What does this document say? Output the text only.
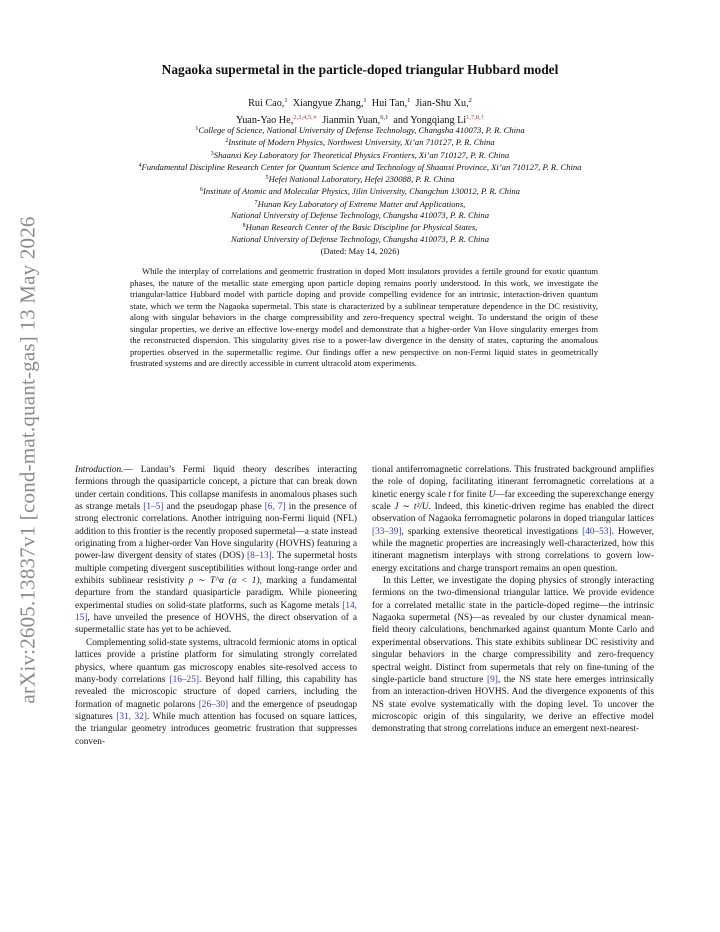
arXiv:2605.13837v1 [cond-mat.quant-gas] 13 May 2026
Nagaoka supermetal in the particle-doped triangular Hubbard model
Rui Cao,$^1$ Xiangyue Zhang,$^1$ Hui Tan,$^1$ Jian-Shu Xu,$^2$
Yuan-Yao He,$^{2,3,4,5,∗}$ Jianmin Yuan,$^{6,1}$ and Yongqiang $Li^{1,7,8,\dagger}$
$^1$College of Science, National University of Defense Technology, Changsha 410073, P. R. China
$^2$Institute of Modern Physics, Northwest University, Xi’an 710127, P. R. China
$^3$Shaanxi Key Laboratory for Theoretical Physics Frontiers, Xi’an 710127, P. R. China
$^4$Fundamental Discipline Research Center for Quantum Science and Technology of Shaanxi Province, Xi’an 710127, P. R. China
$^5$Hefei National Laboratory, Hefei 230088, P. R. China
$^6$Institute of Atomic and Molecular Physics, Jilin University, Changchun 130012, P. R. China
$^7$Hunan Key Laboratory of Extreme Matter and Applications,
National University of Defense Technology, Changsha 410073, P. R. China
$^8$Hunan Research Center of the Basic Discipline for Physical States,
National University of Defense Technology, Changsha 410073, P. R. China
(Dated: May 14, 2026)
While the interplay of correlations and geometric frustration in doped Mott insulators provides a fertile ground for exotic quantum phases, the nature of the metallic state emerging upon particle doping remains poorly understood. In this work, we investigate the triangular-lattice Hubbard model with particle doping and provide compelling evidence for an intrinsic, interaction-driven quantum state, which we term the Nagaoka supermetal. This state is characterized by a sublinear temperature dependence in the DC resistivity, along with singular behaviors in the charge compressibility and zero-frequency spectral weight. To understand the origin of these singular properties, we derive an effective low-energy model and demonstrate that a higher-order Van Hove singularity emerges from the reconstructed dispersion. This singularity gives rise to a power-law divergence in the density of states, capturing the anomalous properties observed in the supermetallic regime. Our findings offer a new perspective on non-Fermi liquid states in geometrically frustrated systems and are directly accessible in current ultracold atom experiments.

Introduction.— Landau’s Fermi liquid theory describes interacting fermions through the quasiparticle concept, a picture that can break down under certain conditions. This collapse manifests in anomalous phases such as strange metals [1–5] and the pseudogap phase [6, 7] in the presence of strong electronic correlations. Another intriguing non-Fermi liquid (NFL) addition to this frontier is the recently proposed supermetal—a state instead originating from a higher-order Van Hove singularity (HOVHS) featuring a power-law divergent density of states (DOS) [8–13]. The supermetal hosts multiple competing divergent susceptibilities without long-range order and exhibits sublinear resistivity ρ ∼ T^α (α < 1), marking a fundamental departure from the standard quasiparticle paradigm. While pioneering experimental studies on solid-state platforms, such as Kagome metals [14, 15], have unveiled the presence of HOVHS, the direct observation of a supermetallic state has yet to be achieved.

Complementing solid-state systems, ultracold fermionic atoms in optical lattices provide a pristine platform for simulating strongly correlated physics, where quantum gas microscopy enables site-resolved access to many-body correlations [16–25]. Beyond half filling, this capability has revealed the microscopic structure of doped carriers, including the formation of magnetic polarons [26–30] and the emergence of pseudogap signatures [31, 32]. While much attention has focused on square lattices, the triangular geometry introduces geometric frustration that suppresses conven-

tional antiferromagnetic correlations. This frustrated background amplifies the role of doping, facilitating itinerant ferromagnetic correlations at a kinetic energy scale t for finite U—far exceeding the superexchange energy scale J ∼ t²/U. Indeed, this kinetic-driven regime has enabled the direct observation of Nagaoka ferromagnetic polarons in doped triangular lattices [33–39], sparking extensive theoretical investigations [40–53]. However, while the magnetic properties are increasingly well-characterized, how this itinerant magnetism interplays with strong correlations to govern low-energy excitations and charge transport remains an open question.

In this Letter, we investigate the doping physics of strongly interacting fermions on the two-dimensional triangular lattice. We provide evidence for a correlated metallic state in the particle-doped regime—the intrinsic Nagaoka supermetal (NS)—as revealed by our cluster dynamical mean-field theory calculations, benchmarked against quantum Monte Carlo and experimental observations. This state exhibits sublinear DC resistivity and singular behaviors in the charge compressibility and zero-frequency spectral weight. Distinct from supermetals that rely on fine-tuning of the single-particle band structure [9], the NS state here emerges intrinsically from an interaction-driven HOVHS. And the divergence exponents of this NS state evolve systematically with the doping level. To uncover the microscopic origin of this singularity, we derive an effective model demonstrating that strong correlations induce an emergent next-nearest-
